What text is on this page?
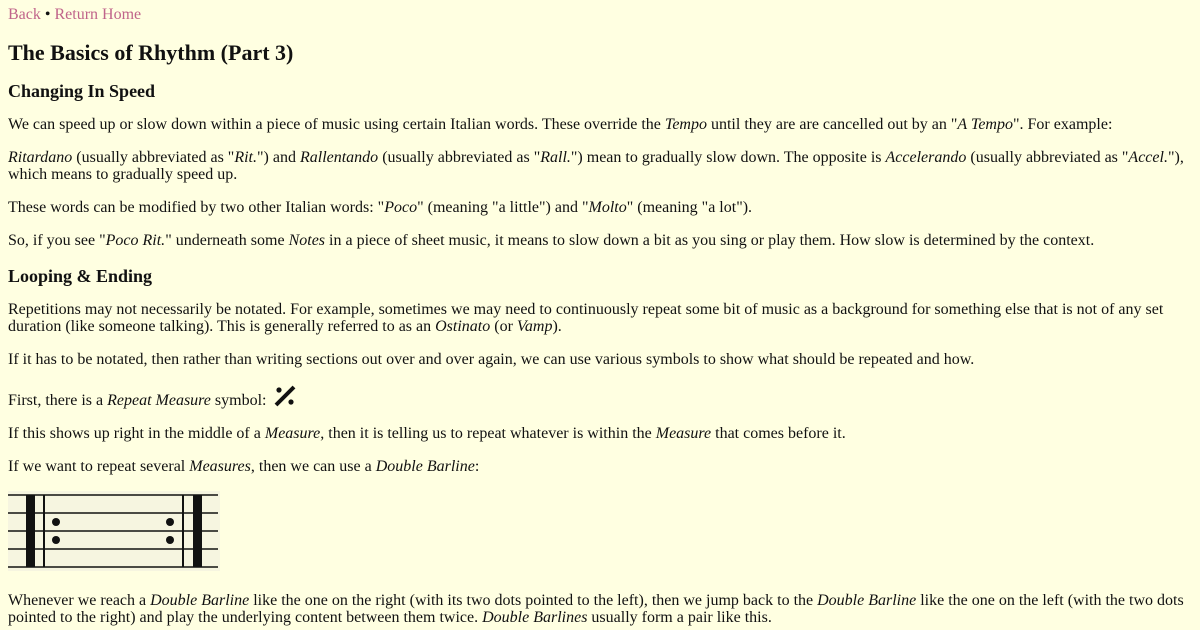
Back • Return Home
The Basics of Rhythm (Part 3)
Changing In Speed

We can speed up or slow down within a piece of music using certain Italian words. These override the Tempo until they are are cancelled out by an "A Tempo". For example:

Ritardano (usually abbreviated as "Rit.") and Rallentando (usually abbreviated as "Rall.") mean to gradually slow down. The opposite is Accelerando (usually abbreviated as "Accel."), which means to gradually speed up.

These words can be modified by two other Italian words: "Poco" (meaning "a little") and "Molto" (meaning "a lot").

So, if you see "Poco Rit." underneath some Notes in a piece of sheet music, it means to slow down a bit as you sing or play them. How slow is determined by the context.

Looping & Ending

Repetitions may not necessarily be notated. For example, sometimes we may need to continuously repeat some bit of music as a background for something else that is not of any set duration (like someone talking). This is generally referred to as an Ostinato (or Vamp).

If it has to be notated, then rather than writing sections out over and over again, we can use various symbols to show what should be repeated and how.

First, there is a Repeat Measure symbol:

If this shows up right in the middle of a Measure, then it is telling us to repeat whatever is within the Measure that comes before it.

If we want to repeat several Measures, then we can use a Double Barline:

Whenever we reach a Double Barline like the one on the right (with its two dots pointed to the left), then we jump back to the Double Barline like the one on the left (with the two dots pointed to the right) and play the underlying content between them twice. Double Barlines usually form a pair like this.
